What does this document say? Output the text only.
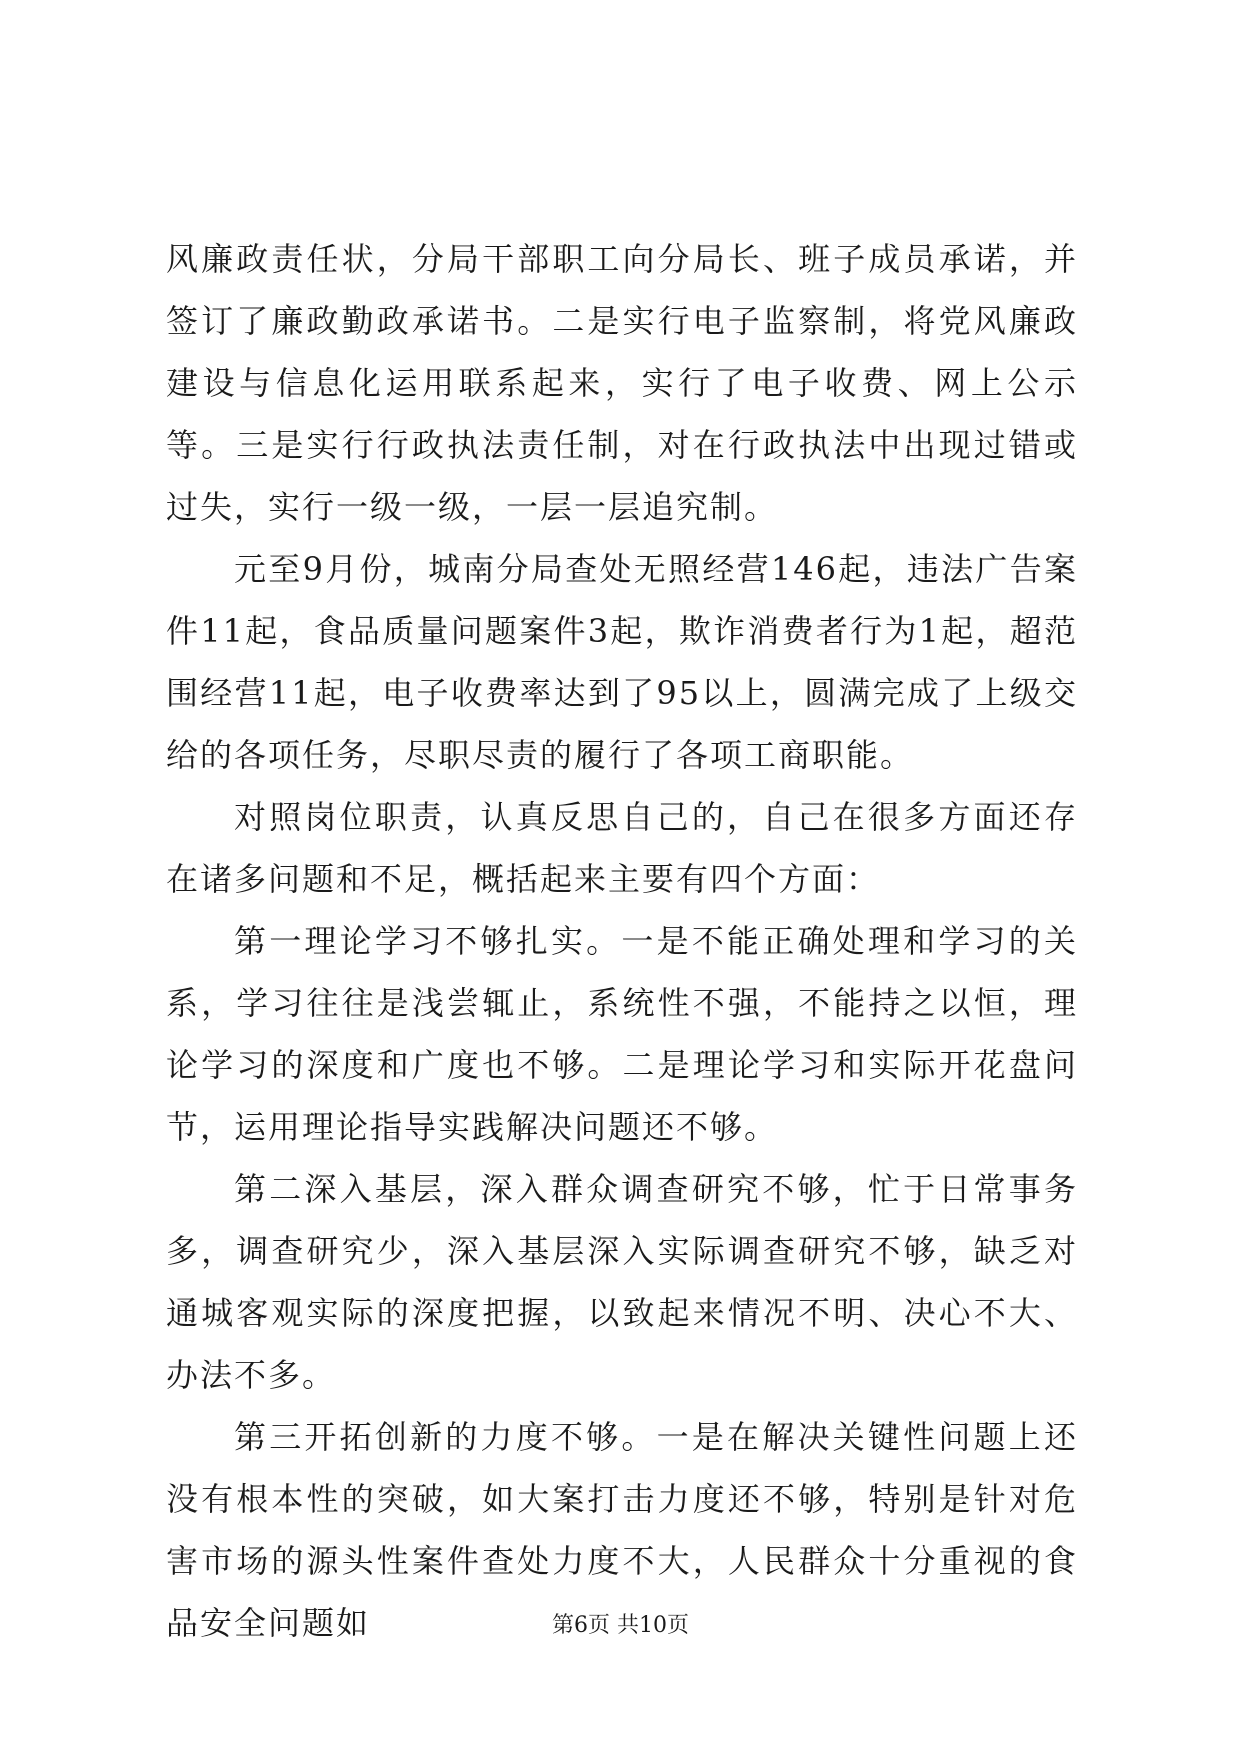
风廉政责任状，分局干部职工向分局长、班子成员承诺，并签订了廉政勤政承诺书。二是实行电子监察制，将党风廉政建设与信息化运用联系起来，实行了电子收费、网上公示等。三是实行行政执法责任制，对在行政执法中出现过错或过失，实行一级一级，一层一层追究制。

元至9月份，城南分局查处无照经营146起，违法广告案件11起，食品质量问题案件3起，欺诈消费者行为1起，超范围经营11起，电子收费率达到了95以上，圆满完成了上级交给的各项任务，尽职尽责的履行了各项工商职能。

对照岗位职责，认真反思自己的，自己在很多方面还存在诸多问题和不足，概括起来主要有四个方面：

第一理论学习不够扎实。一是不能正确处理和学习的关系，学习往往是浅尝辄止，系统性不强，不能持之以恒，理论学习的深度和广度也不够。二是理论学习和实际开花盘问节，运用理论指导实践解决问题还不够。

第二深入基层，深入群众调查研究不够，忙于日常事务多，调查研究少，深入基层深入实际调查研究不够，缺乏对通城客观实际的深度把握，以致起来情况不明、决心不大、办法不多。

第三开拓创新的力度不够。一是在解决关键性问题上还没有根本性的突破，如大案打击力度还不够，特别是针对危害市场的源头性案件查处力度不大，人民群众十分重视的食品安全问题如	第6页 共10页
